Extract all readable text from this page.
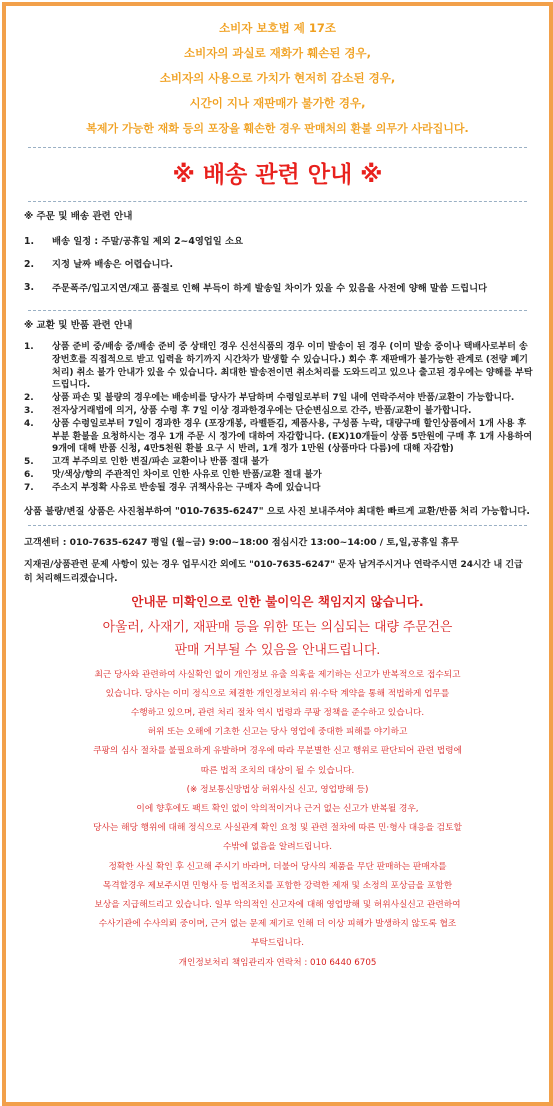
소비자 보호법 제 17조
소비자의 과실로 재화가 훼손된 경우,
소비자의 사용으로 가치가 현저히 감소된 경우,
시간이 지나 재판매가 불가한 경우,
복제가 가능한 재화 등의 포장을 훼손한 경우 판매처의 환불 의무가 사라집니다.
※ 배송 관련 안내 ※
※ 주문 및 배송 관련 안내
1.	배송 일정 : 주말/공휴일 제외 2~4영업일 소요
2.	지정 날짜 배송은 어렵습니다.
3.	주문폭주/입고지연/재고 품절로 인해 부득이 하게 발송일 차이가 있을 수 있음을 사전에 양해 말씀 드립니다
※ 교환 및 반품 관련 안내
1.	상품 준비 중/배송 중/배송 준비 중 상태인 경우 신선식품의 경우 이미 발송이 된 경우 (이미 발송 중이나 택배사로부터 송장번호를 직접적으로 받고 입력을 하기까지 시간차가 발생할 수 있습니다.) 회수 후 재판매가 불가능한 관계로 (전량 폐기처리) 취소 불가 안내가 있을 수 있습니다. 최대한 발송전이면 취소처리를 도와드리고 있으나 출고된 경우에는 양해를 부탁드립니다.
2.	상품 파손 및 불량의 경우에는 배송비를 당사가 부담하며 수령일로부터 7일 내에 연락주셔야 반품/교환이 가능합니다.
3.	전자상거래법에 의거, 상품 수령 후 7일 이상 경과한경우에는 단순변심으로 간주, 반품/교환이 불가합니다.
4.	상품 수령일로부터 7일이 경과한 경우 (포장개봉, 라벨뜯김, 제품사용, 구성품 누락, 대량구매 할인상품에서 1개 사용 후 부분 환불을 요청하시는 경우 1개 주문 시 정가에 대하여 자감합니다. (EX)10개들이 상품 5만원에 구매 후 1개 사용하여 9개에 대해 반품 신청, 4만5천원 환불 요구 시 반려, 1개 정가 1만원 (상품마다 다름)에 대해 자감함)
5.	고객 부주의로 인한 변질/파손 교환이나 반품 절대 불가
6.	맛/색상/향의 주관적인 차이로 인한 사유로 인한 반품/교환 절대 불가
7.	주소지 부정확 사유로 반송될 경우 귀책사유는 구매자 측에 있습니다
상품 불량/변질 상품은 사진첨부하여 "010-7635-6247" 으로 사진 보내주셔야 최대한 빠르게 교환/반품 처리 가능합니다.
고객센터 : 010-7635-6247 평일 (월~금) 9:00~18:00 점심시간 13:00~14:00 / 토,일,공휴일 휴무
지재권/상품관련 문제 사항이 있는 경우 업무시간 외에도 "010-7635-6247" 문자 남겨주시거나 연락주시면 24시간 내 긴급히 처리해드리겠습니다.
안내문 미확인으로 인한 불이익은 책임지지 않습니다.
아울러, 사재기, 재판매 등을 위한 또는 의심되는 대량 주문건은
판매 거부될 수 있음을 안내드립니다.
최근 당사와 관련하여 사실확인 없이 개인정보 유출 의혹을 제기하는 신고가 반복적으로 접수되고
있습니다. 당사는 이미 정식으로 체결한 개인정보처리 위·수탁 계약을 통해 적법하게 업무를
수행하고 있으며, 관련 처리 절차 역시 법령과 쿠팡 정책을 준수하고 있습니다.
허위 또는 오해에 기초한 신고는 당사 영업에 중대한 피해를 야기하고
쿠팡의 심사 절차를 불필요하게 유발하며 경우에 따라 무분별한 신고 행위로 판단되어 관련 법령에
따른 법적 조치의 대상이 될 수 있습니다.
(※ 정보통신망법상 허위사실 신고, 영업방해 등)
이에 향후에도 팩트 확인 없이 악의적이거나 근거 없는 신고가 반복될 경우,
당사는 해당 행위에 대해 정식으로 사실관계 확인 요청 및 관련 절차에 따른 민·형사 대응을 검토할
수밖에 없음을 알려드립니다.
정확한 사실 확인 후 신고해 주시기 바라며, 더불어 당사의 제품을 무단 판매하는 판매자를
목격할경우 제보주시면 민형사 등 법적조치를 포함한 강력한 제재 및 소정의 포상금을 포함한
보상을 지급해드리고 있습니다. 일부 악의적인 신고자에 대해 영업방해 및 허위사실신고 관련하여
수사기관에 수사의뢰 중이며, 근거 없는 문제 제기로 인해 더 이상 피해가 발생하지 않도록 협조
부탁드립니다.
개인정보처리 책임관리자 연락처 : 010 6440 6705
